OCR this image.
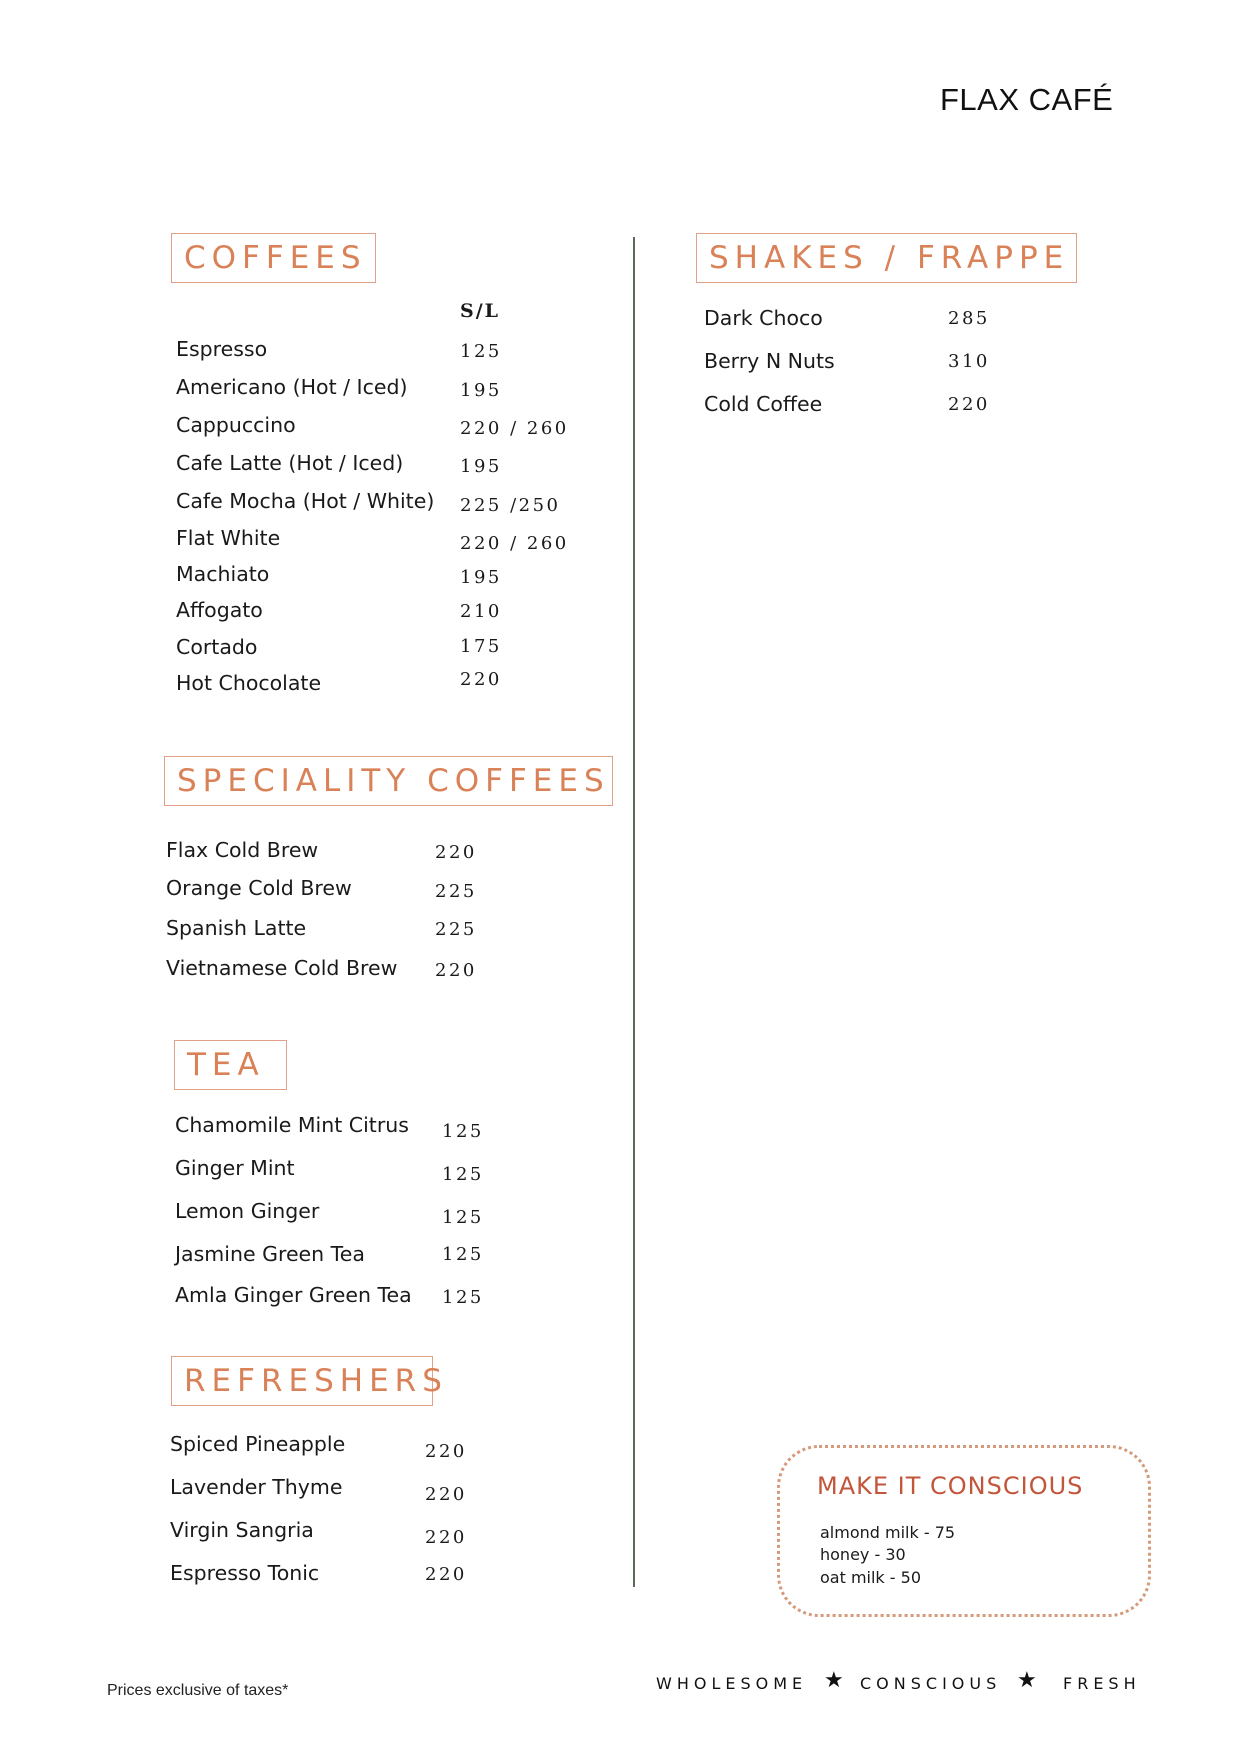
FLAX CAFÉ
COFFEES
S/L
Espresso	125
Americano (Hot / Iced)	195
Cappuccino	220 / 260
Cafe Latte (Hot / Iced)	195
Cafe Mocha (Hot / White) 225 /250
Flat White	220 / 260
Machiato	195
Affogato	210
Cortado	175
Hot Chocolate	220
SPECIALITY COFFEES
Flax Cold Brew	220
Orange Cold Brew	225
Spanish Latte	225
Vietnamese Cold Brew 220
TEA
Chamomile Mint Citrus 125
Ginger Mint	125
Lemon Ginger	125
Jasmine Green Tea	125
Amla Ginger Green Tea 125
REFRESHERS
Spiced Pineapple	220
Lavender Thyme	220
Virgin Sangria	220
Espresso Tonic	220
SHAKES / FRAPPE
Dark Choco	285
Berry N Nuts	310
Cold Coffee	220
MAKE IT CONSCIOUS
almond milk - 75
honey - 30
oat milk - 50
Prices exclusive of taxes*	WHOLESOME ★ CONSCIOUS ★ FRESH
